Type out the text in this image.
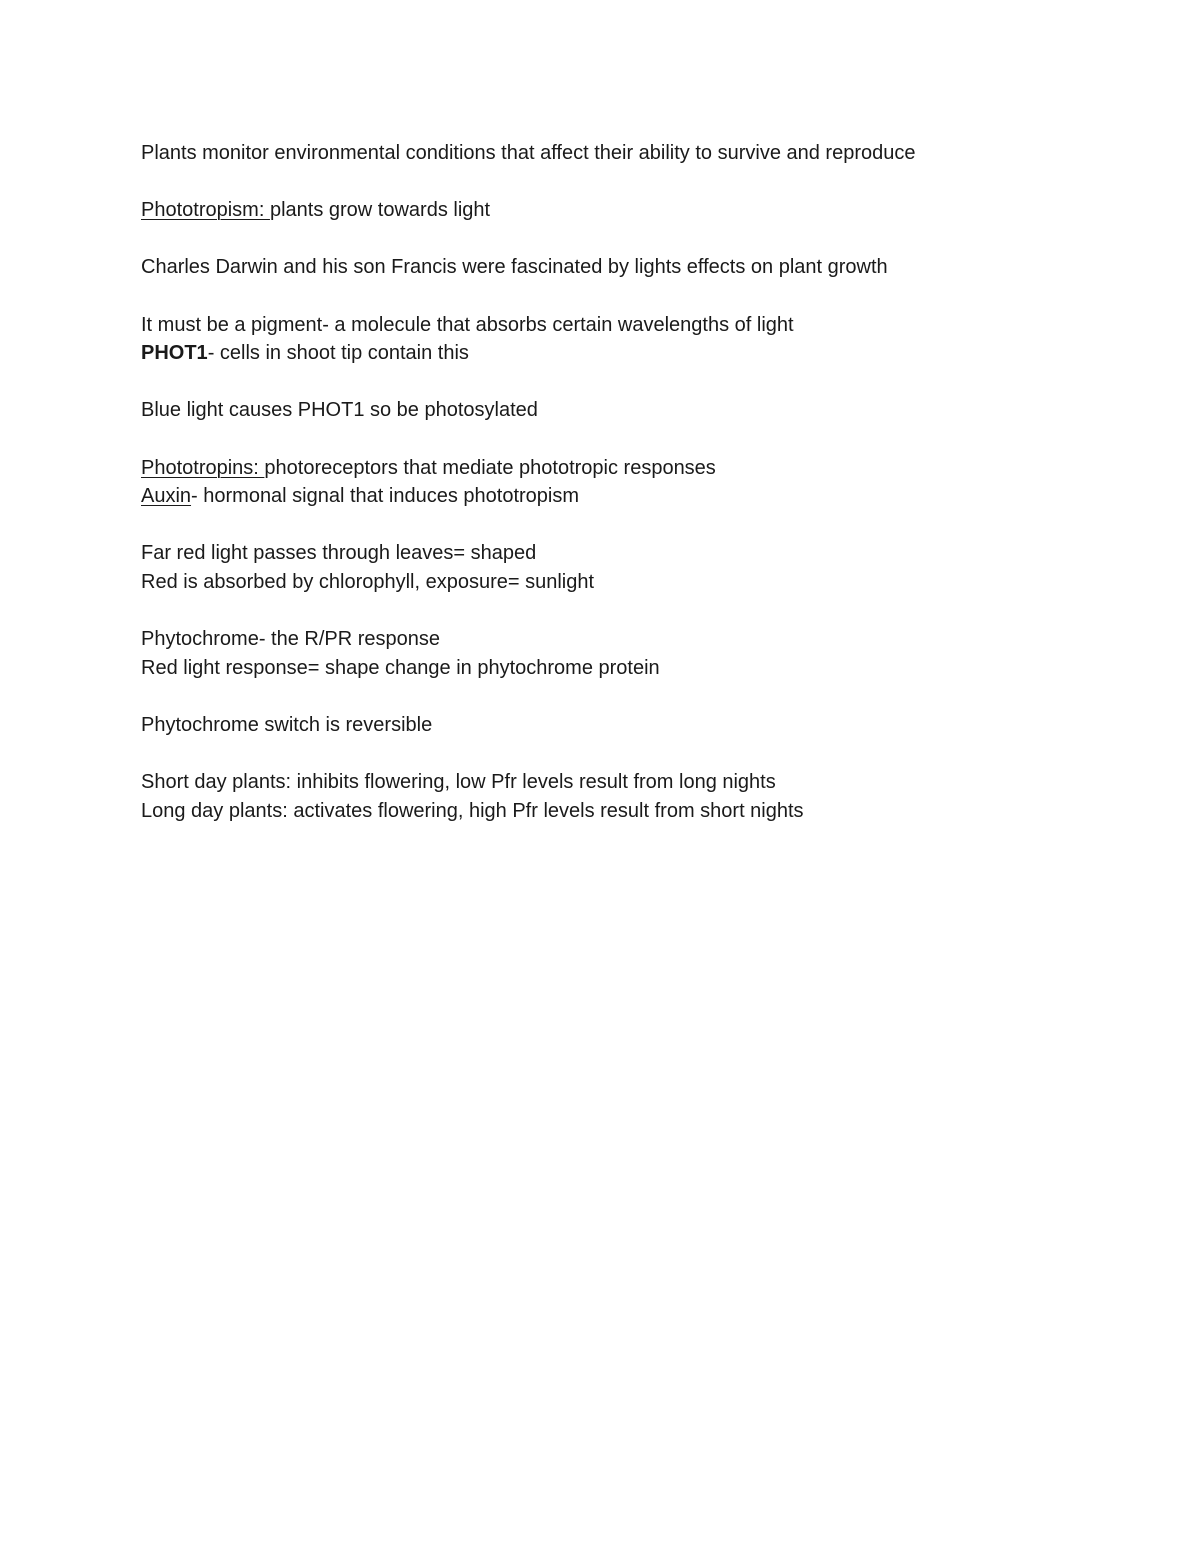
Plants monitor environmental conditions that affect their ability to survive and reproduce
Phototropism: plants grow towards light
Charles Darwin and his son Francis were fascinated by lights effects on plant growth
It must be a pigment- a molecule that absorbs certain wavelengths of light
PHOT1- cells in shoot tip contain this
Blue light causes PHOT1 so be photosylated
Phototropins: photoreceptors that mediate phototropic responses
Auxin- hormonal signal that induces phototropism
Far red light passes through leaves= shaped
Red is absorbed by chlorophyll, exposure= sunlight
Phytochrome- the R/PR response
Red light response= shape change in phytochrome protein
Phytochrome switch is reversible
Short day plants: inhibits flowering, low Pfr levels result from long nights
Long day plants: activates flowering, high Pfr levels result from short nights
